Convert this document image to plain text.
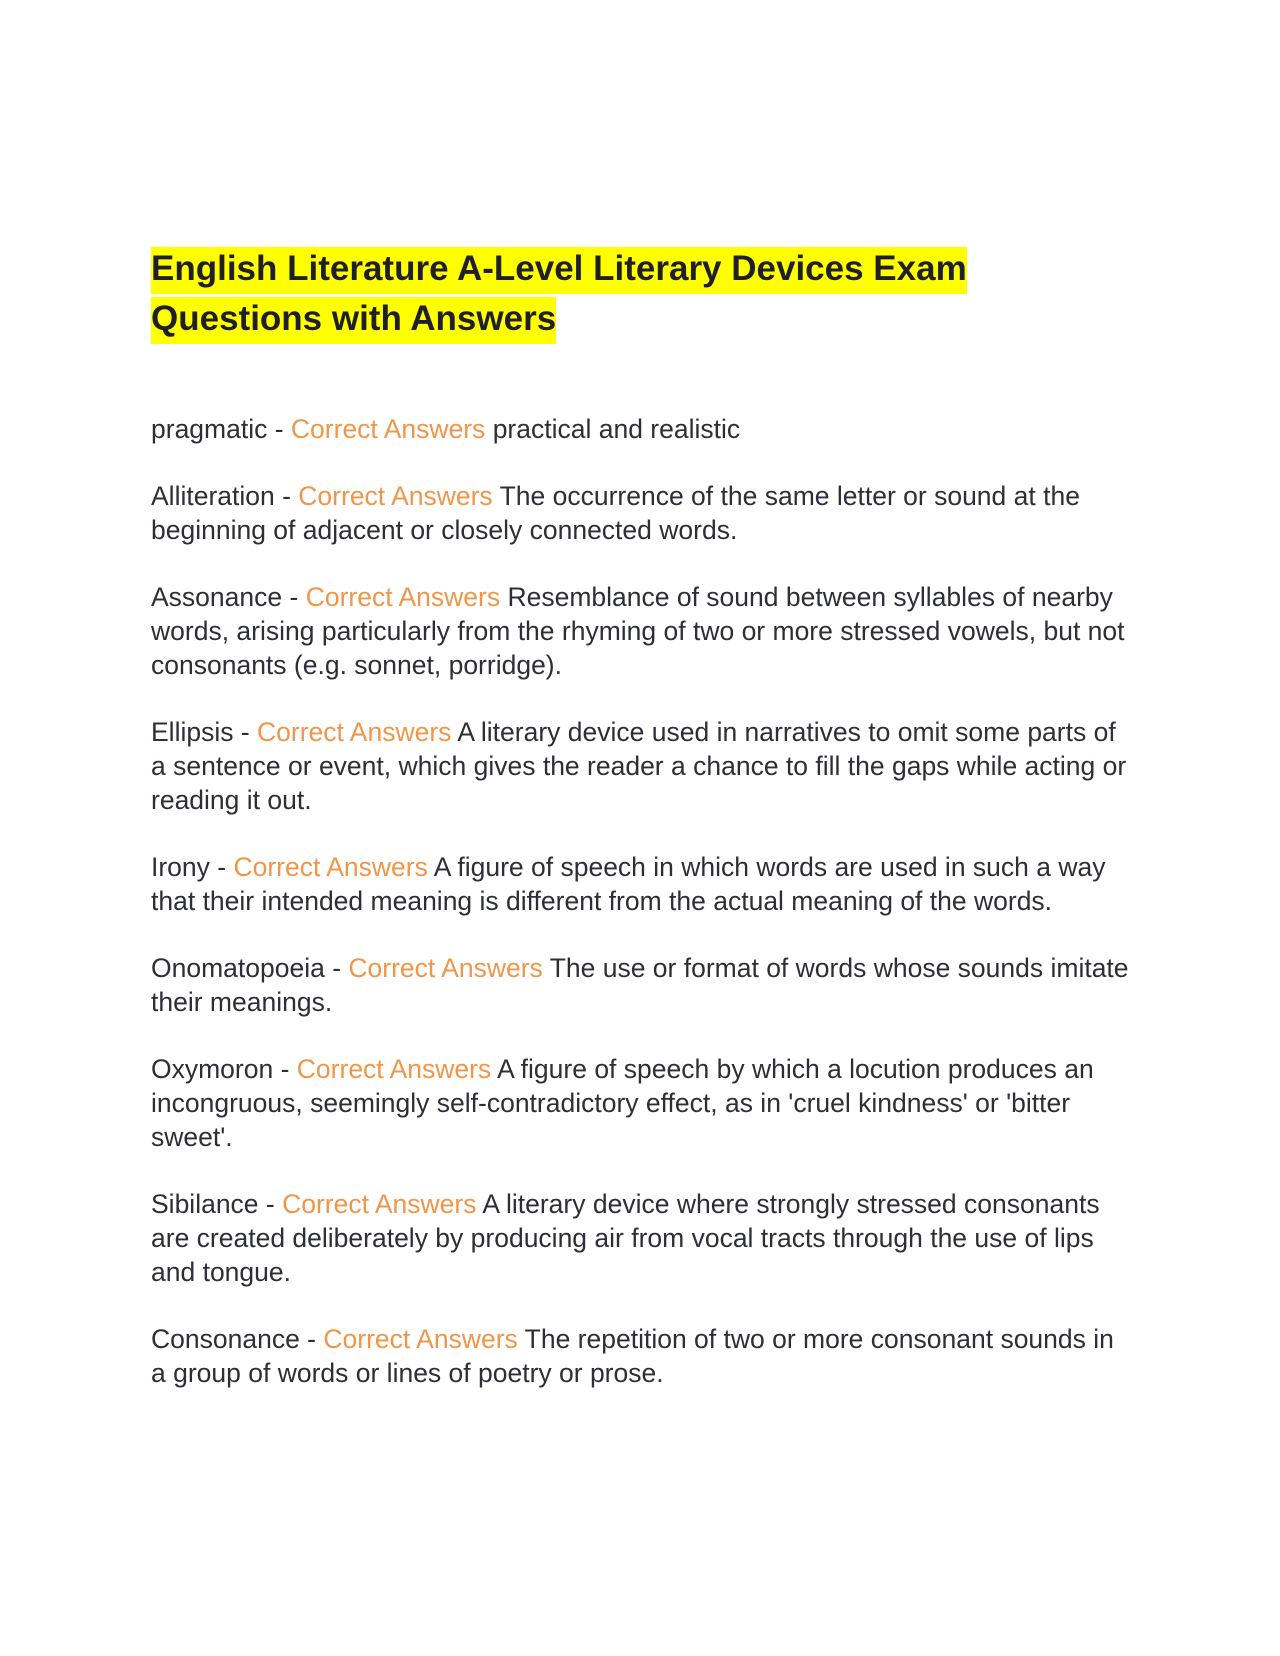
English Literature A-Level Literary Devices Exam Questions with Answers

pragmatic - Correct Answers practical and realistic

Alliteration - Correct Answers The occurrence of the same letter or sound at the beginning of adjacent or closely connected words.

Assonance - Correct Answers Resemblance of sound between syllables of nearby words, arising particularly from the rhyming of two or more stressed vowels, but not consonants (e.g. sonnet, porridge).

Ellipsis - Correct Answers A literary device used in narratives to omit some parts of a sentence or event, which gives the reader a chance to fill the gaps while acting or reading it out.

Irony - Correct Answers A figure of speech in which words are used in such a way that their intended meaning is different from the actual meaning of the words.

Onomatopoeia - Correct Answers The use or format of words whose sounds imitate their meanings.

Oxymoron - Correct Answers A figure of speech by which a locution produces an incongruous, seemingly self-contradictory effect, as in 'cruel kindness' or 'bitter sweet'.

Sibilance - Correct Answers A literary device where strongly stressed consonants are created deliberately by producing air from vocal tracts through the use of lips and tongue.

Consonance - Correct Answers The repetition of two or more consonant sounds in a group of words or lines of poetry or prose.
